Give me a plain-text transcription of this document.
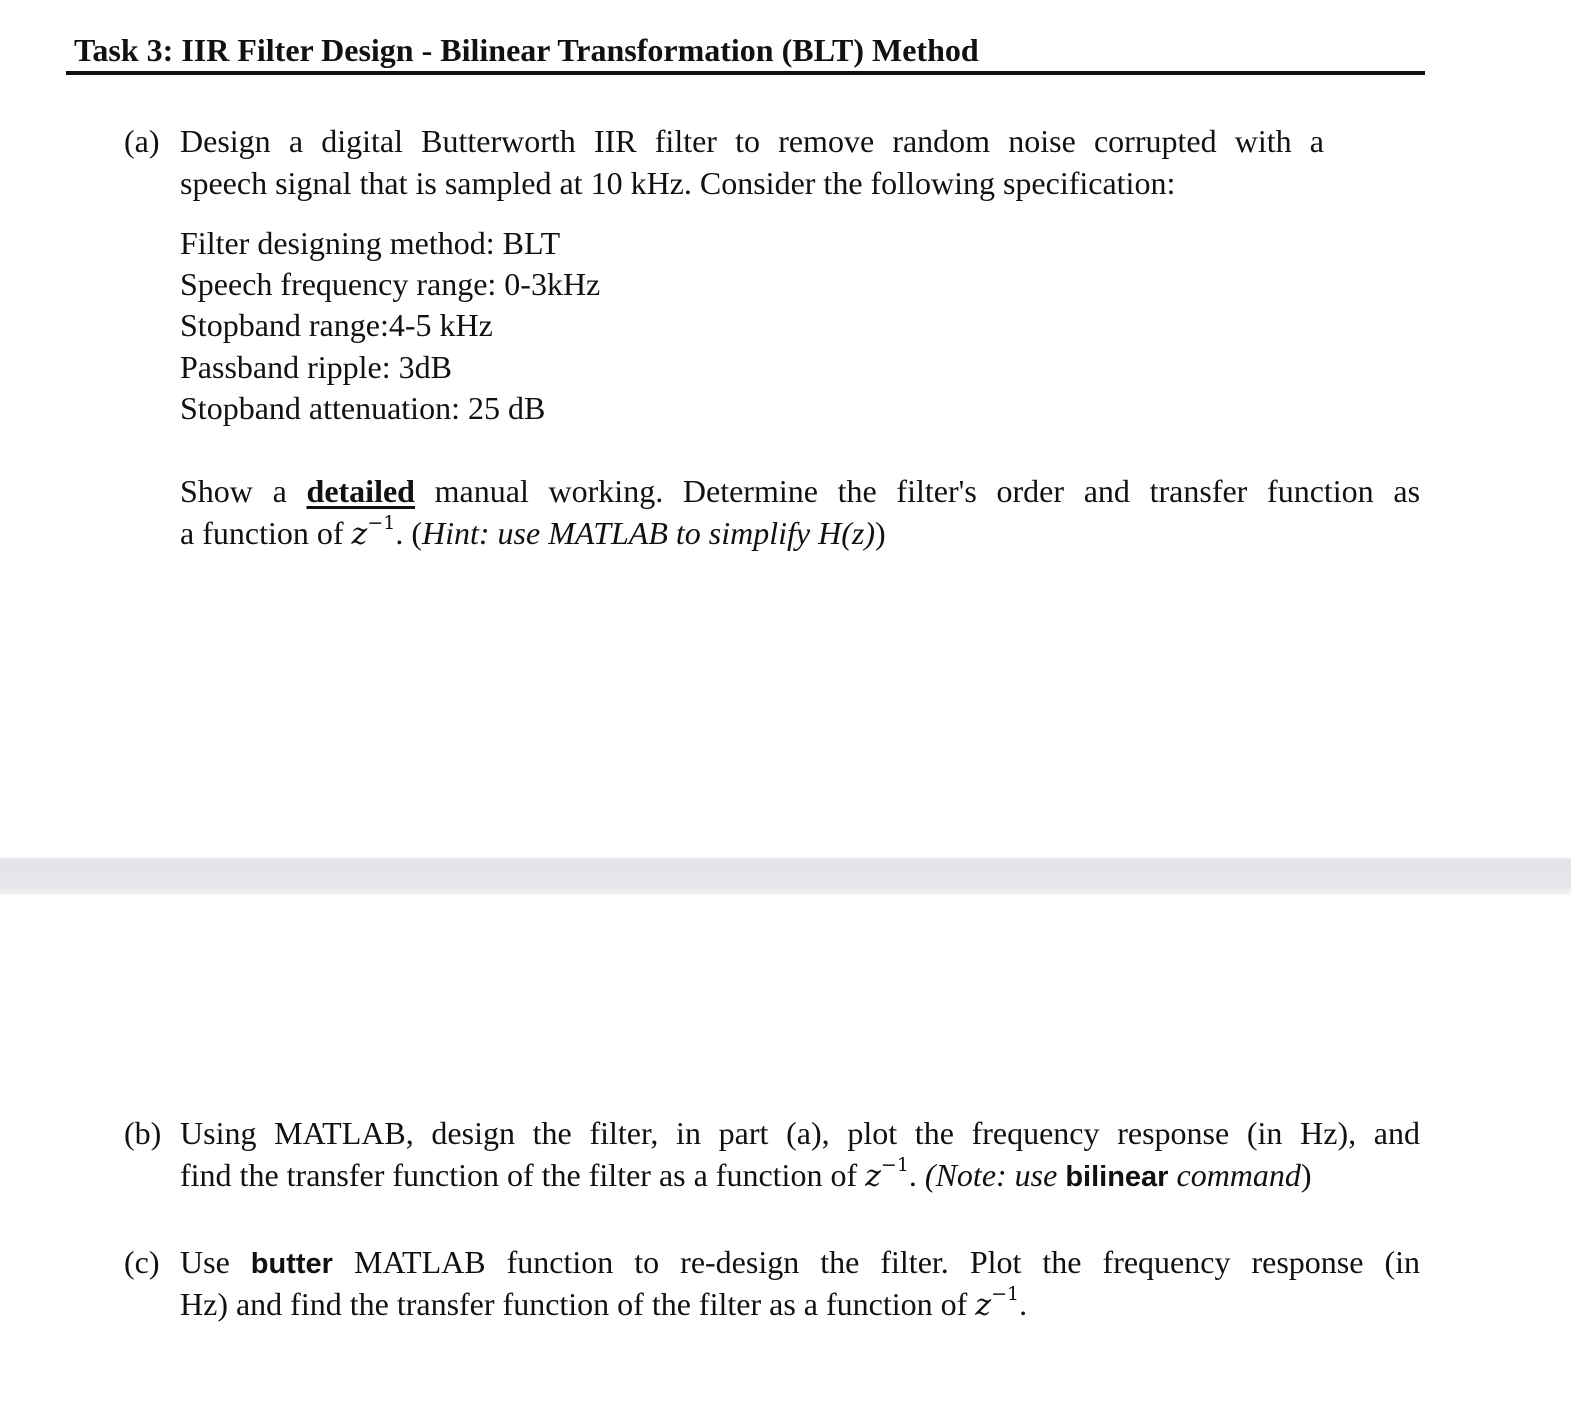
Task 3: IIR Filter Design - Bilinear Transformation (BLT) Method
(a) Design a digital Butterworth IIR filter to remove random noise corrupted with a
speech signal that is sampled at 10 kHz. Consider the following specification:
Filter designing method: BLT
Speech frequency range: 0-3kHz
Stopband range:4-5 kHz
Passband ripple: 3dB
Stopband attenuation: 25 dB
Show a detailed manual working. Determine the filter's order and transfer function as
a function of $z^{-1}$. (Hint: use MATLAB to simplify H(z))
(b) Using MATLAB, design the filter, in part (a), plot the frequency response (in Hz), and
find the transfer function of the filter as a function of $z^{-1}$. (Note: use bilinear command)
(c) Use butter MATLAB function to re-design the filter. Plot the frequency response (in
Hz) and find the transfer function of the filter as a function of $z^{-1}$.
